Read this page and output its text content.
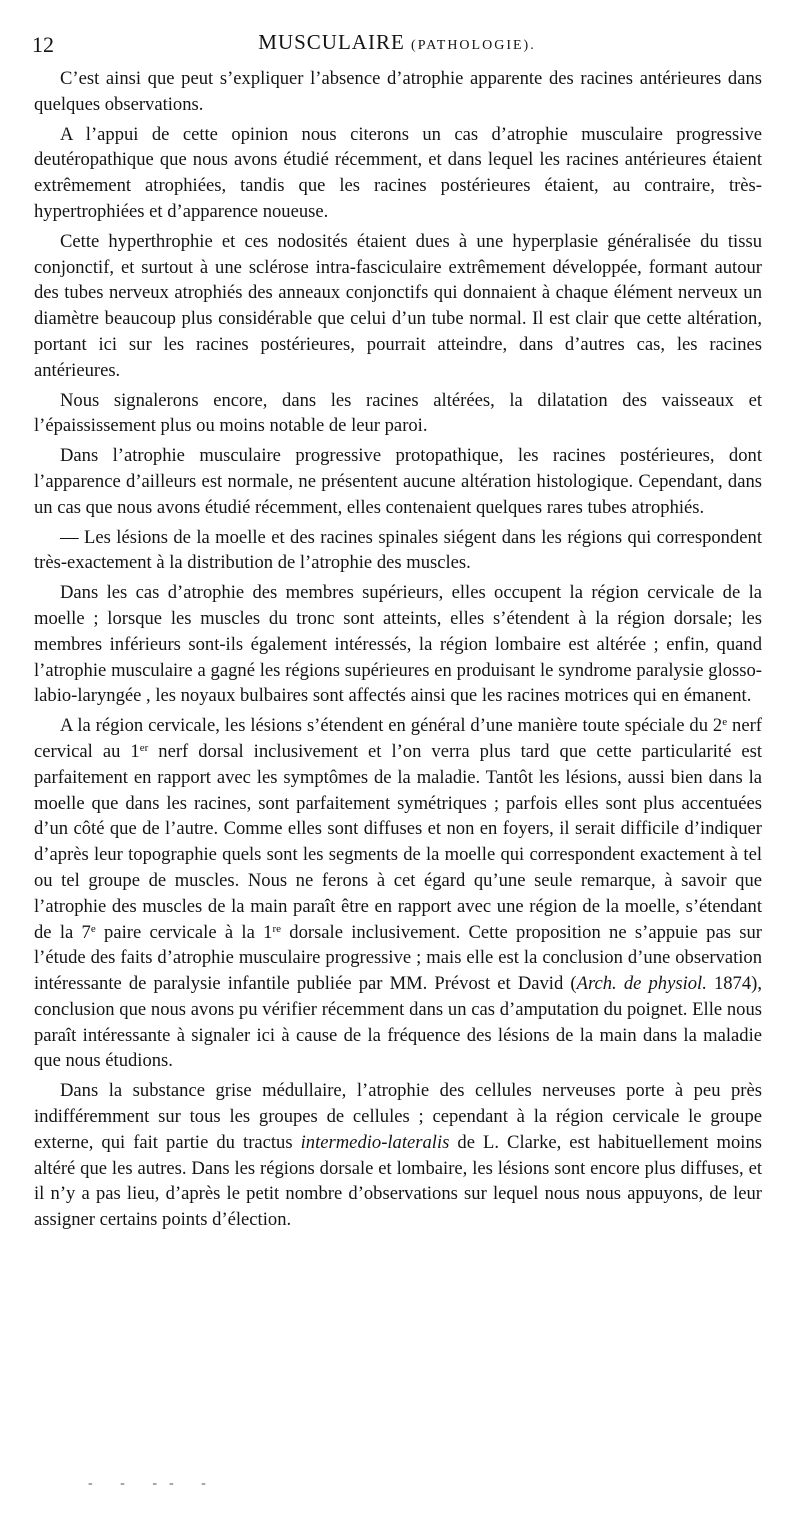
12	MUSCULAIRE (PATHOLOGIE).

C’est ainsi que peut s’expliquer l’absence d’atrophie apparente des racines antérieures dans quelques observations.

A l’appui de cette opinion nous citerons un cas d’atrophie musculaire progressive deutéropathique que nous avons étudié récemment, et dans lequel les racines antérieures étaient extrêmement atrophiées, tandis que les racines postérieures étaient, au contraire, très-hypertrophiées et d’apparence noueuse.

Cette hyperthrophie et ces nodosités étaient dues à une hyperplasie généralisée du tissu conjonctif, et surtout à une sclérose intra-fasciculaire extrêmement développée, formant autour des tubes nerveux atrophiés des anneaux conjonctifs qui donnaient à chaque élément nerveux un diamètre beaucoup plus considérable que celui d’un tube normal. Il est clair que cette altération, portant ici sur les racines postérieures, pourrait atteindre, dans d’autres cas, les racines antérieures.

Nous signalerons encore, dans les racines altérées, la dilatation des vaisseaux et l’épaississement plus ou moins notable de leur paroi.

Dans l’atrophie musculaire progressive protopathique, les racines postérieures, dont l’apparence d’ailleurs est normale, ne présentent aucune altération histologique. Cependant, dans un cas que nous avons étudié récemment, elles contenaient quelques rares tubes atrophiés.

— Les lésions de la moelle et des racines spinales siégent dans les régions qui correspondent très-exactement à la distribution de l’atrophie des muscles.

Dans les cas d’atrophie des membres supérieurs, elles occupent la région cervicale de la moelle ; lorsque les muscles du tronc sont atteints, elles s’étendent à la région dorsale; les membres inférieurs sont-ils également intéressés, la région lombaire est altérée ; enfin, quand l’atrophie musculaire a gagné les régions supérieures en produisant le syndrome paralysie glosso-labio-laryngée , les noyaux bulbaires sont affectés ainsi que les racines motrices qui en émanent.

A la région cervicale, les lésions s’étendent en général d’une manière toute spéciale du 2e nerf cervical au 1er nerf dorsal inclusivement et l’on verra plus tard que cette particularité est parfaitement en rapport avec les symptômes de la maladie. Tantôt les lésions, aussi bien dans la moelle que dans les racines, sont parfaitement symétriques ; parfois elles sont plus accentuées d’un côté que de l’autre. Comme elles sont diffuses et non en foyers, il serait difficile d’indiquer d’après leur topographie quels sont les segments de la moelle qui correspondent exactement à tel ou tel groupe de muscles. Nous ne ferons à cet égard qu’une seule remarque, à savoir que l’atrophie des muscles de la main paraît être en rapport avec une région de la moelle, s’étendant de la 7e paire cervicale à la 1re dorsale inclusivement. Cette proposition ne s’appuie pas sur l’étude des faits d’atrophie musculaire progressive ; mais elle est la conclusion d’une observation intéressante de paralysie infantile publiée par MM. Prévost et David (Arch. de physiol. 1874), conclusion que nous avons pu vérifier récemment dans un cas d’amputation du poignet. Elle nous paraît intéressante à signaler ici à cause de la fréquence des lésions de la main dans la maladie que nous étudions.

Dans la substance grise médullaire, l’atrophie des cellules nerveuses porte à peu près indifféremment sur tous les groupes de cellules ; cependant à la région cervicale le groupe externe, qui fait partie du tractus intermedio-lateralis de L. Clarke, est habituellement moins altéré que les autres. Dans les régions dorsale et lombaire, les lésions sont encore plus diffuses, et il n’y a pas lieu, d’après le petit nombre d’observations sur lequel nous nous appuyons, de leur assigner certains points d’élection.

- - -- -
